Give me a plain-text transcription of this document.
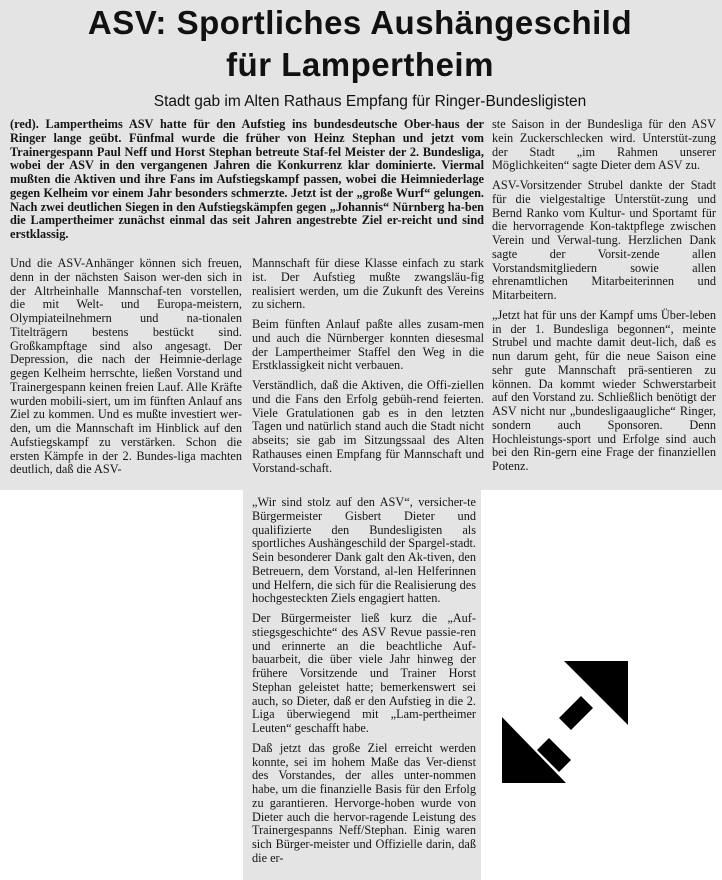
ASV: Sportliches Aushängeschild
für Lampertheim
Stadt gab im Alten Rathaus Empfang für Ringer-Bundesligisten

(red). Lampertheims ASV hatte für den Aufstieg ins bundesdeutsche Ober-haus der Ringer lange geübt. Fünfmal wurde die früher von Heinz Stephan und jetzt vom Trainergespann Paul Neff und Horst Stephan betreute Staf-fel Meister der 2. Bundesliga, wobei der ASV in den vergangenen Jahren die Konkurrenz klar dominierte. Viermal mußten die Aktiven und ihre Fans im Aufstiegskampf passen, wobei die Heimniederlage gegen Kelheim vor einem Jahr besonders schmerzte. Jetzt ist der „große Wurf“ gelungen. Nach zwei deutlichen Siegen in den Aufstiegskämpfen gegen „Johannis“ Nürnberg ha-ben die Lampertheimer zunächst einmal das seit Jahren angestrebte Ziel er-reicht und sind erstklassig.

Und die ASV-Anhänger können sich freuen, denn in der nächsten Saison wer-den sich in der Altrheinhalle Mannschaf-ten vorstellen, die mit Welt- und Europa-meistern, Olympiateilnehmern und na-tionalen Titelträgern bestens bestückt sind. Großkampftage sind also angesagt. Der Depression, die nach der Heimnie-derlage gegen Kelheim herrschte, ließen Vorstand und Trainergespann keinen freien Lauf. Alle Kräfte wurden mobili-siert, um im fünften Anlauf ans Ziel zu kommen. Und es mußte investiert wer-den, um die Mannschaft im Hinblick auf den Aufstiegskampf zu verstärken. Schon die ersten Kämpfe in der 2. Bundes-liga machten deutlich, daß die ASV-

Mannschaft für diese Klasse einfach zu stark ist. Der Aufstieg mußte zwangsläu-fig realisiert werden, um die Zukunft des Vereins zu sichern.

Beim fünften Anlauf paßte alles zusam-men und auch die Nürnberger konnten diesesmal der Lampertheimer Staffel den Weg in die Erstklassigkeit nicht verbauen.

Verständlich, daß die Aktiven, die Offi-ziellen und die Fans den Erfolg gebüh-rend feierten. Viele Gratulationen gab es in den letzten Tagen und natürlich stand auch die Stadt nicht abseits; sie gab im Sitzungssaal des Alten Rathauses einen Empfang für Mannschaft und Vorstand-schaft.

ste Saison in der Bundesliga für den ASV kein Zuckerschlecken wird. Unterstüt-zung der Stadt „im Rahmen unserer Möglichkeiten“ sagte Dieter dem ASV zu.

ASV-Vorsitzender Strubel dankte der Stadt für die vielgestaltige Unterstüt-zung und Bernd Ranko vom Kultur- und Sportamt für die hervorragende Kon-taktpflege zwischen Verein und Verwal-tung. Herzlichen Dank sagte der Vorsit-zende allen Vorstandsmitgliedern sowie allen ehrenamtlichen Mitarbeiterinnen und Mitarbeitern.

„Jetzt hat für uns der Kampf ums Über-leben in der 1. Bundesliga begonnen“, meinte Strubel und machte damit deut-lich, daß es nun darum geht, für die neue Saison eine sehr gute Mannschaft prä-sentieren zu können. Da kommt wieder Schwerstarbeit auf den Vorstand zu. Schließlich benötigt der ASV nicht nur „bundesligaaugliche“ Ringer, sondern auch Sponsoren. Denn Hochleistungs-sport und Erfolge sind auch bei den Rin-gern eine Frage der finanziellen Potenz.

„Wir sind stolz auf den ASV“, versicher-te Bürgermeister Gisbert Dieter und qualifizierte den Bundesligisten als sportliches Aushängeschild der Spargel-stadt. Sein besonderer Dank galt den Ak-tiven, den Betreuern, dem Vorstand, al-len Helferinnen und Helfern, die sich für die Realisierung des hochgesteckten Ziels engagiert hatten.

Der Bürgermeister ließ kurz die „Auf-stiegsgeschichte“ des ASV Revue passie-ren und erinnerte an die beachtliche Auf-bauarbeit, die über viele Jahr hinweg der frühere Vorsitzende und Trainer Horst Stephan geleistet hatte; bemerkenswert sei auch, so Dieter, daß er den Aufstieg in die 2. Liga überwiegend mit „Lam-pertheimer Leuten“ geschafft habe.

Daß jetzt das große Ziel erreicht werden konnte, sei im hohem Maße das Ver-dienst des Vorstandes, der alles unter-nommen habe, um die finanzielle Basis für den Erfolg zu garantieren. Hervorge-hoben wurde von Dieter auch die hervor-ragende Leistung des Trainergespanns Neff/Stephan. Einig waren sich Bürger-meister und Offizielle darin, daß die er-
